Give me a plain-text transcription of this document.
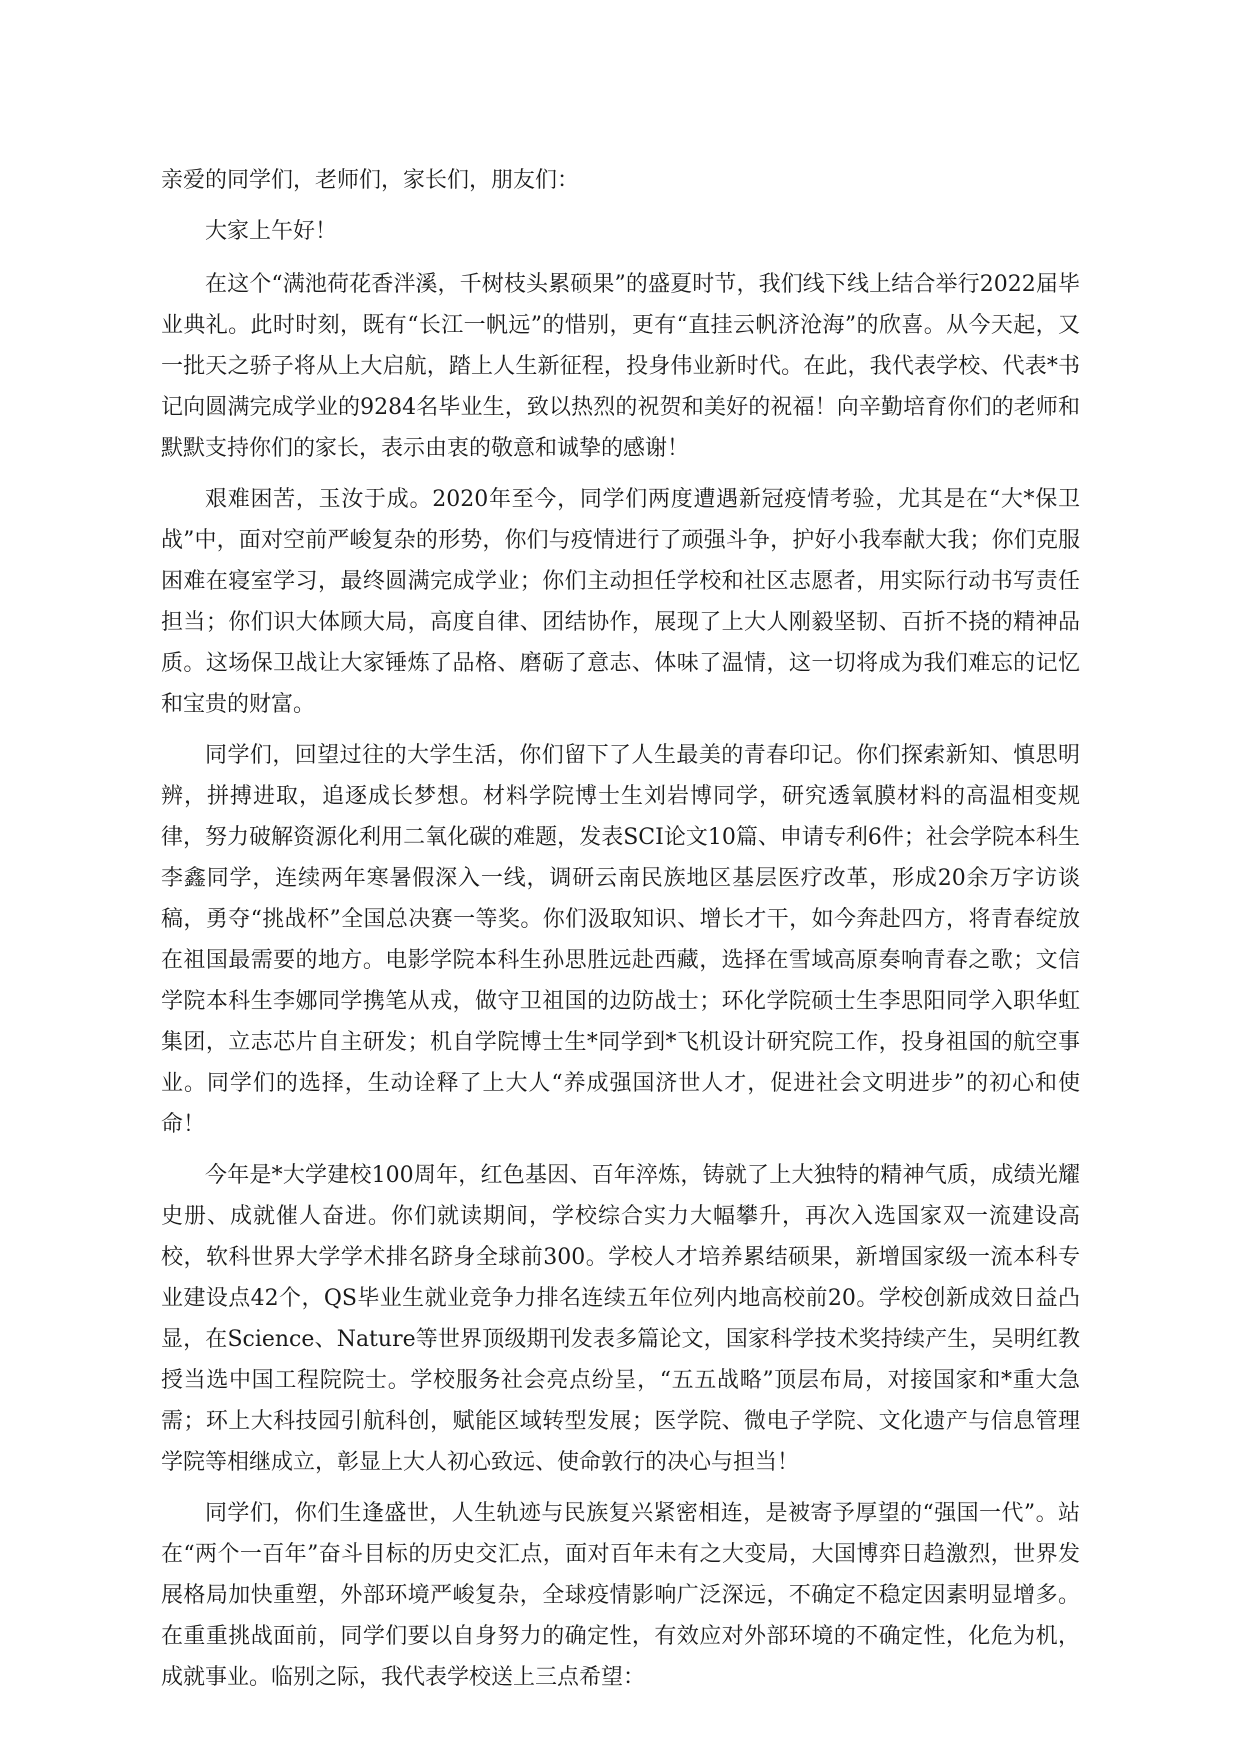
亲爱的同学们，老师们，家长们，朋友们：

大家上午好！

在这个“满池荷花香泮溪，千树枝头累硕果”的盛夏时节，我们线下线上结合举行2022届毕业典礼。此时时刻，既有“长江一帆远”的惜别，更有“直挂云帆济沧海”的欣喜。从今天起，又一批天之骄子将从上大启航，踏上人生新征程，投身伟业新时代。在此，我代表学校、代表*书记向圆满完成学业的9284名毕业生，致以热烈的祝贺和美好的祝福！向辛勤培育你们的老师和默默支持你们的家长，表示由衷的敬意和诚挚的感谢！

艰难困苦，玉汝于成。2020年至今，同学们两度遭遇新冠疫情考验，尤其是在“大*保卫战”中，面对空前严峻复杂的形势，你们与疫情进行了顽强斗争，护好小我奉献大我；你们克服困难在寝室学习，最终圆满完成学业；你们主动担任学校和社区志愿者，用实际行动书写责任担当；你们识大体顾大局，高度自律、团结协作，展现了上大人刚毅坚韧、百折不挠的精神品质。这场保卫战让大家锤炼了品格、磨砺了意志、体味了温情，这一切将成为我们难忘的记忆和宝贵的财富。

同学们，回望过往的大学生活，你们留下了人生最美的青春印记。你们探索新知、慎思明辨，拼搏进取，追逐成长梦想。材料学院博士生刘岩博同学，研究透氧膜材料的高温相变规律，努力破解资源化利用二氧化碳的难题，发表SCI论文10篇、申请专利6件；社会学院本科生李鑫同学，连续两年寒暑假深入一线，调研云南民族地区基层医疗改革，形成20余万字访谈稿，勇夺“挑战杯”全国总决赛一等奖。你们汲取知识、增长才干，如今奔赴四方，将青春绽放在祖国最需要的地方。电影学院本科生孙思胜远赴西藏，选择在雪域高原奏响青春之歌；文信学院本科生李娜同学携笔从戎，做守卫祖国的边防战士；环化学院硕士生李思阳同学入职华虹集团，立志芯片自主研发；机自学院博士生*同学到*飞机设计研究院工作，投身祖国的航空事业。同学们的选择，生动诠释了上大人“养成强国济世人才，促进社会文明进步”的初心和使命！

今年是*大学建校100周年，红色基因、百年淬炼，铸就了上大独特的精神气质，成绩光耀史册、成就催人奋进。你们就读期间，学校综合实力大幅攀升，再次入选国家双一流建设高校，软科世界大学学术排名跻身全球前300。学校人才培养累结硕果，新增国家级一流本科专业建设点42个，QS毕业生就业竞争力排名连续五年位列内地高校前20。学校创新成效日益凸显，在Science、Nature等世界顶级期刊发表多篇论文，国家科学技术奖持续产生，吴明红教授当选中国工程院院士。学校服务社会亮点纷呈，“五五战略”顶层布局，对接国家和*重大急需；环上大科技园引航科创，赋能区域转型发展；医学院、微电子学院、文化遗产与信息管理学院等相继成立，彰显上大人初心致远、使命敦行的决心与担当！

同学们，你们生逢盛世，人生轨迹与民族复兴紧密相连，是被寄予厚望的“强国一代”。站在“两个一百年”奋斗目标的历史交汇点，面对百年未有之大变局，大国博弈日趋激烈，世界发展格局加快重塑，外部环境严峻复杂，全球疫情影响广泛深远，不确定不稳定因素明显增多。在重重挑战面前，同学们要以自身努力的确定性，有效应对外部环境的不确定性，化危为机，成就事业。临别之际，我代表学校送上三点希望：
